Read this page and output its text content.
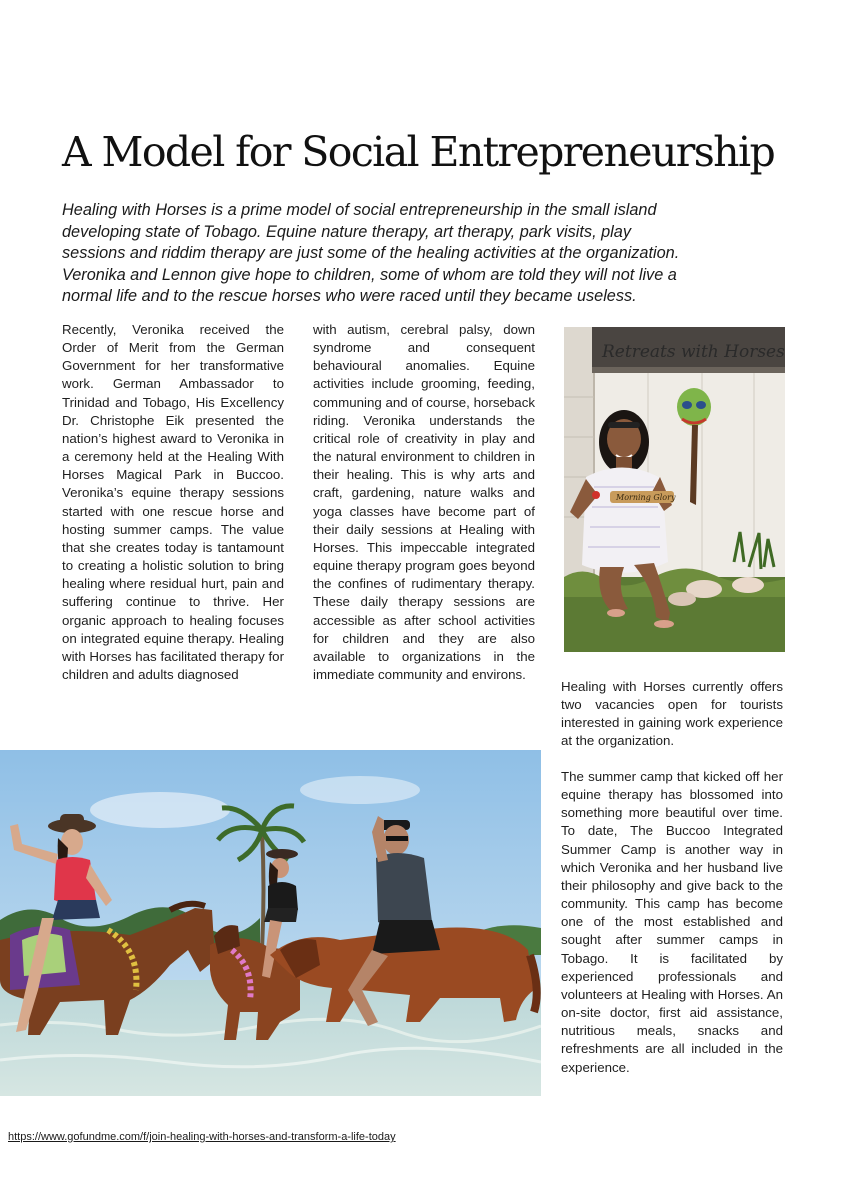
A Model for Social Entrepreneurship

Healing with Horses is a prime model of social entrepreneurship in the small island developing state of Tobago. Equine nature therapy, art therapy, park visits, play sessions and riddim therapy are just some of the healing activities at the organization. Veronika and Lennon give hope to children, some of whom are told they will not live a normal life and to the rescue horses who were raced until they became useless.

Recently, Veronika received the Order of Merit from the German Government for her transformative work. German Ambassador to Trinidad and Tobago, His Excellency Dr. Christophe Eik presented the nation’s highest award to Veronika in a ceremony held at the Healing With Horses Magical Park in Buccoo. Veronika’s equine therapy sessions started with one rescue horse and hosting summer camps. The value that she creates today is tantamount to creating a holistic solution to bring healing where residual hurt, pain and suffering continue to thrive. Her organic approach to healing focuses on integrated equine therapy. Healing with Horses has facilitated therapy for children and adults diagnosed

with autism, cerebral palsy, down syndrome and consequent behavioural anomalies. Equine activities include grooming, feeding, communing and of course, horseback riding. Veronika understands the critical role of creativity in play and the natural environment to children in their healing. This is why arts and craft, gardening, nature walks and yoga classes have become part of their daily sessions at Healing with Horses. This impeccable integrated equine therapy program goes beyond the confines of rudimentary therapy. These daily therapy sessions are accessible as after school activities for children and they are also available to organizations in the immediate community and environs.

Retreats with Horses
Morning Glory

Healing with Horses currently offers two vacancies open for tourists interested in gaining work experience at the organization.

The summer camp that kicked off her equine therapy has blossomed into something more beautiful over time. To date, The Buccoo Integrated Summer Camp is another way in which Veronika and her husband live their philosophy and give back to the community. This camp has become one of the most established and sought after summer camps in Tobago. It is facilitated by experienced professionals and volunteers at Healing with Horses. An on-site doctor, first aid assistance, nutritious meals, snacks and refreshments are all included in the experience.

https://www.gofundme.com/f/join-healing-with-horses-and-transform-a-life-today
